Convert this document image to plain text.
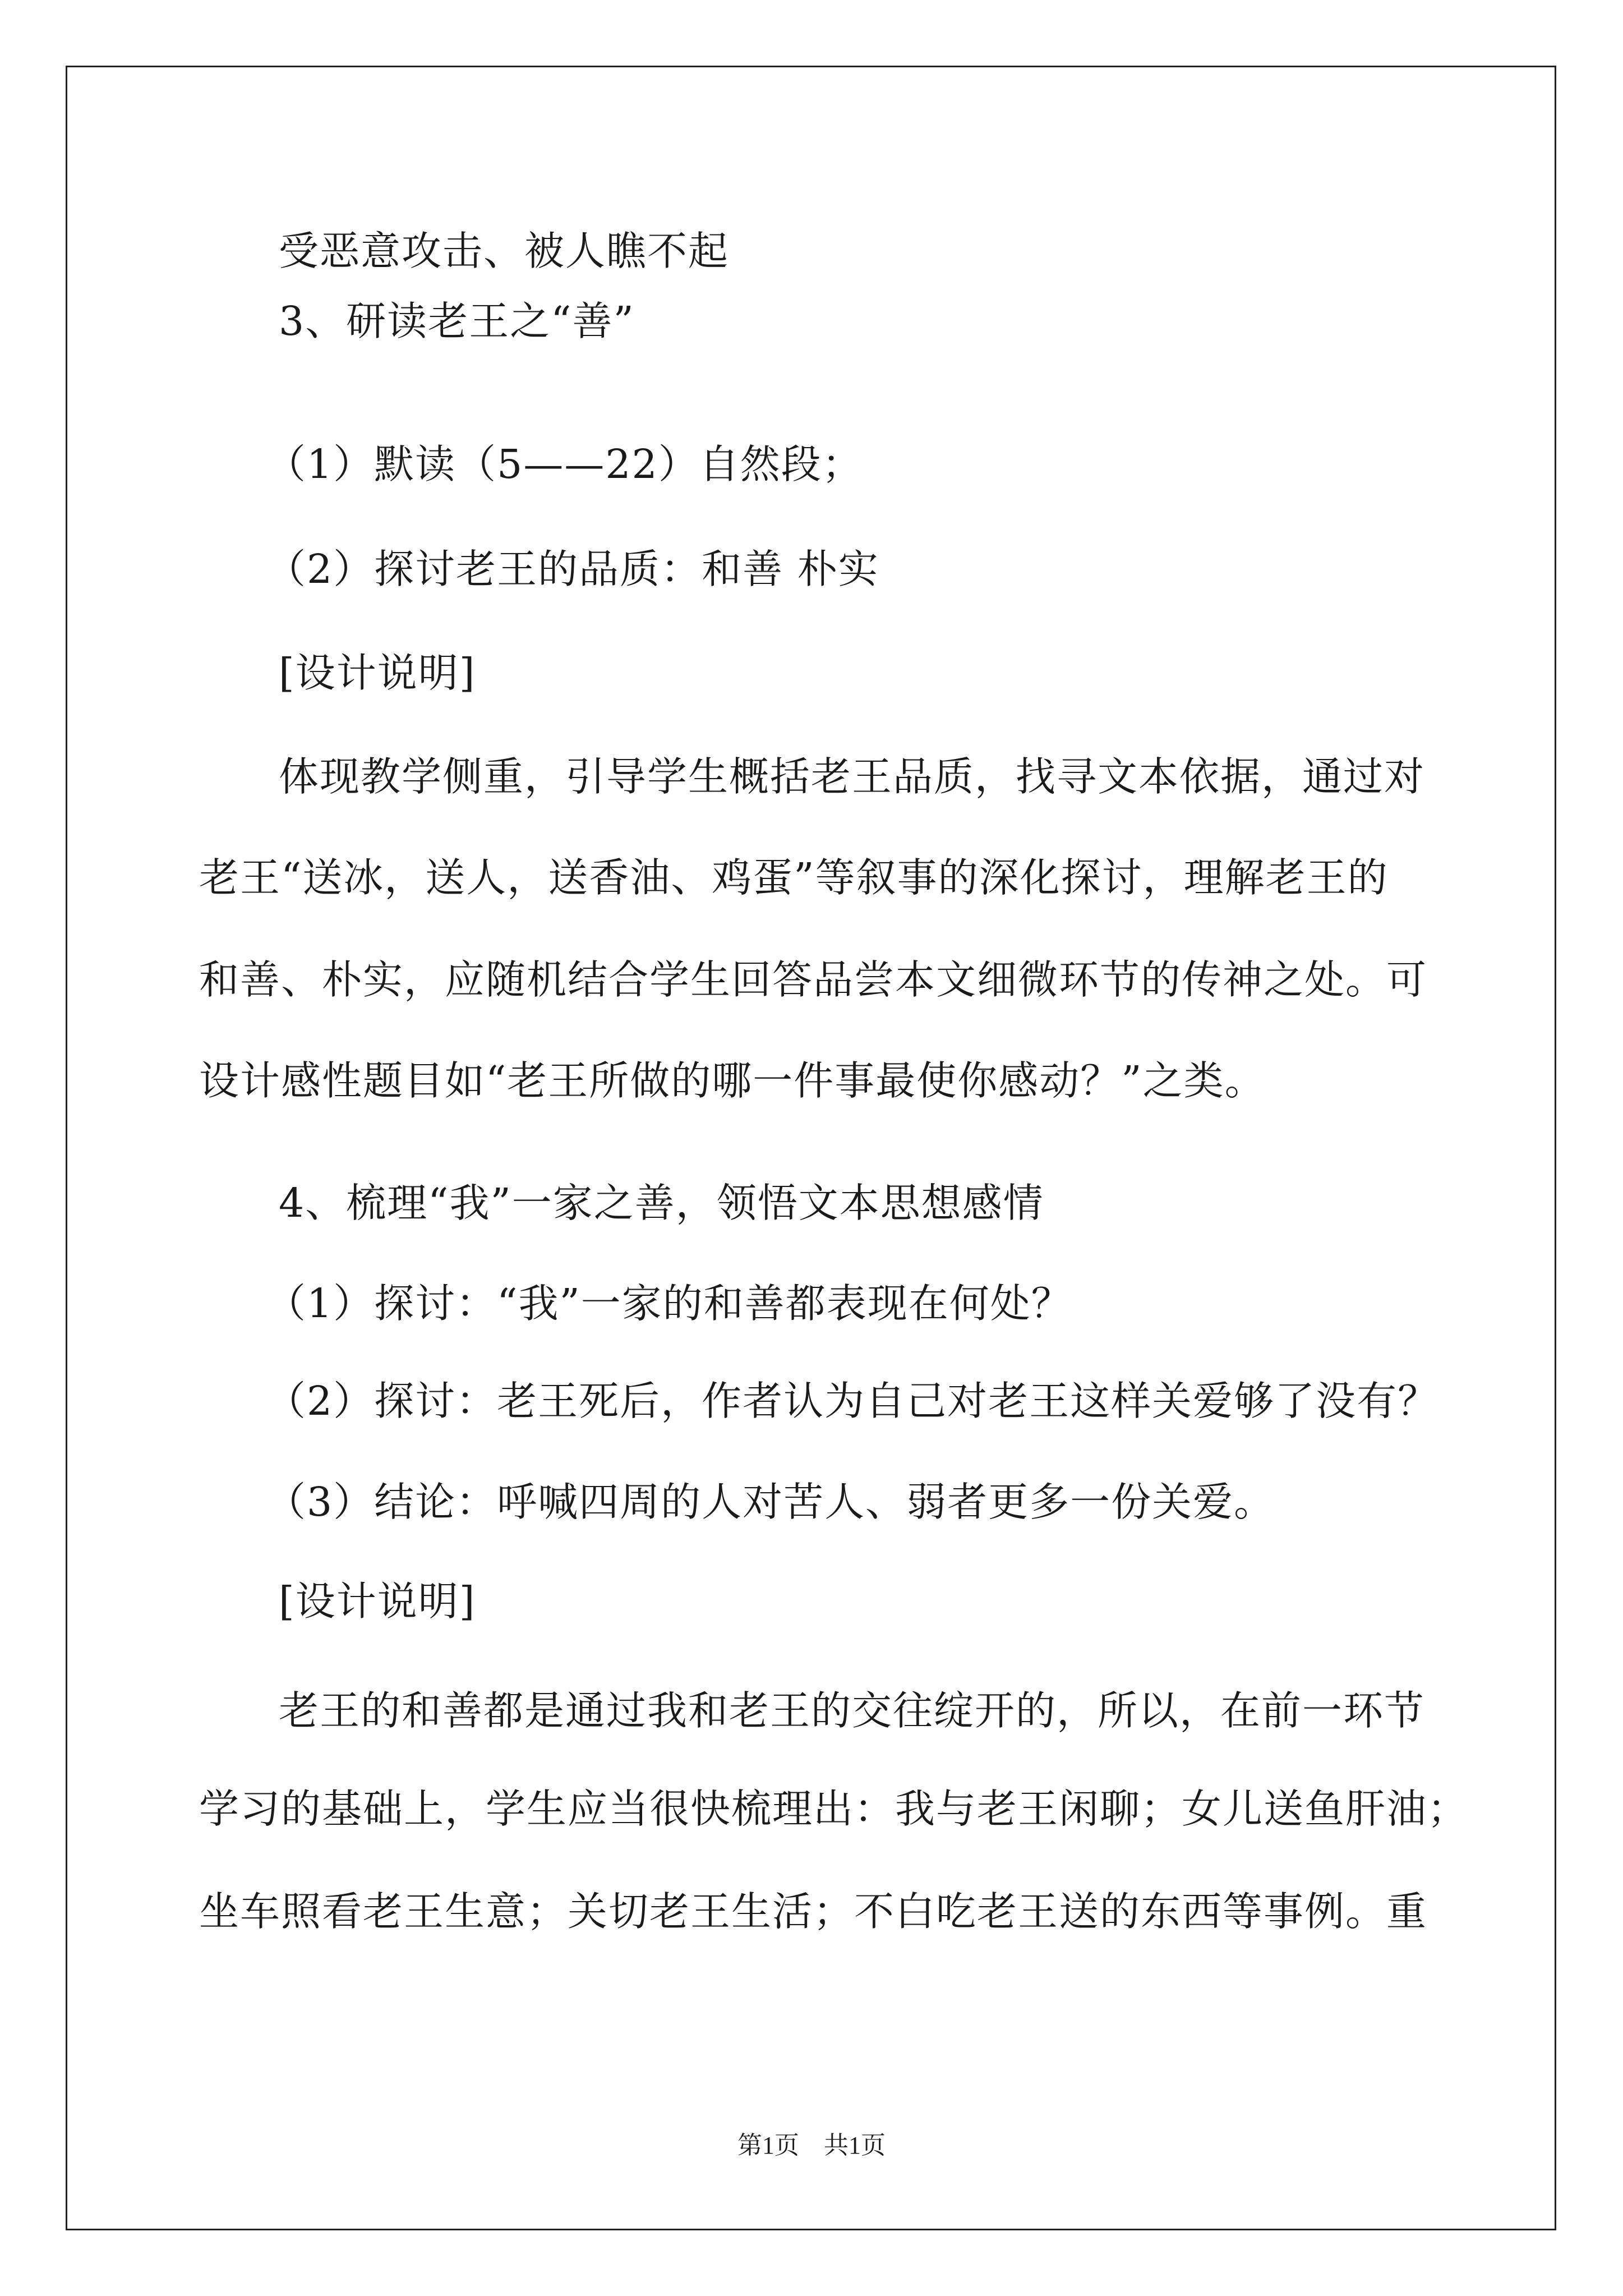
受恶意攻击、被人瞧不起
3、研读老王之“善”
（1）默读（5——22）自然段；
（2）探讨老王的品质：和善 朴实
[设计说明]
体现教学侧重，引导学生概括老王品质，找寻文本依据，通过对
老王“送冰，送人，送香油、鸡蛋”等叙事的深化探讨，理解老王的
和善、朴实，应随机结合学生回答品尝本文细微环节的传神之处。可
设计感性题目如“老王所做的哪一件事最使你感动？”之类。
4、梳理“我”一家之善，领悟文本思想感情
（1）探讨：“我”一家的和善都表现在何处？
（2）探讨：老王死后，作者认为自己对老王这样关爱够了没有？
（3）结论：呼喊四周的人对苦人、弱者更多一份关爱。
[设计说明]
老王的和善都是通过我和老王的交往绽开的，所以，在前一环节
学习的基础上，学生应当很快梳理出：我与老王闲聊；女儿送鱼肝油；
坐车照看老王生意；关切老王生活；不白吃老王送的东西等事例。重
第1页　共1页
